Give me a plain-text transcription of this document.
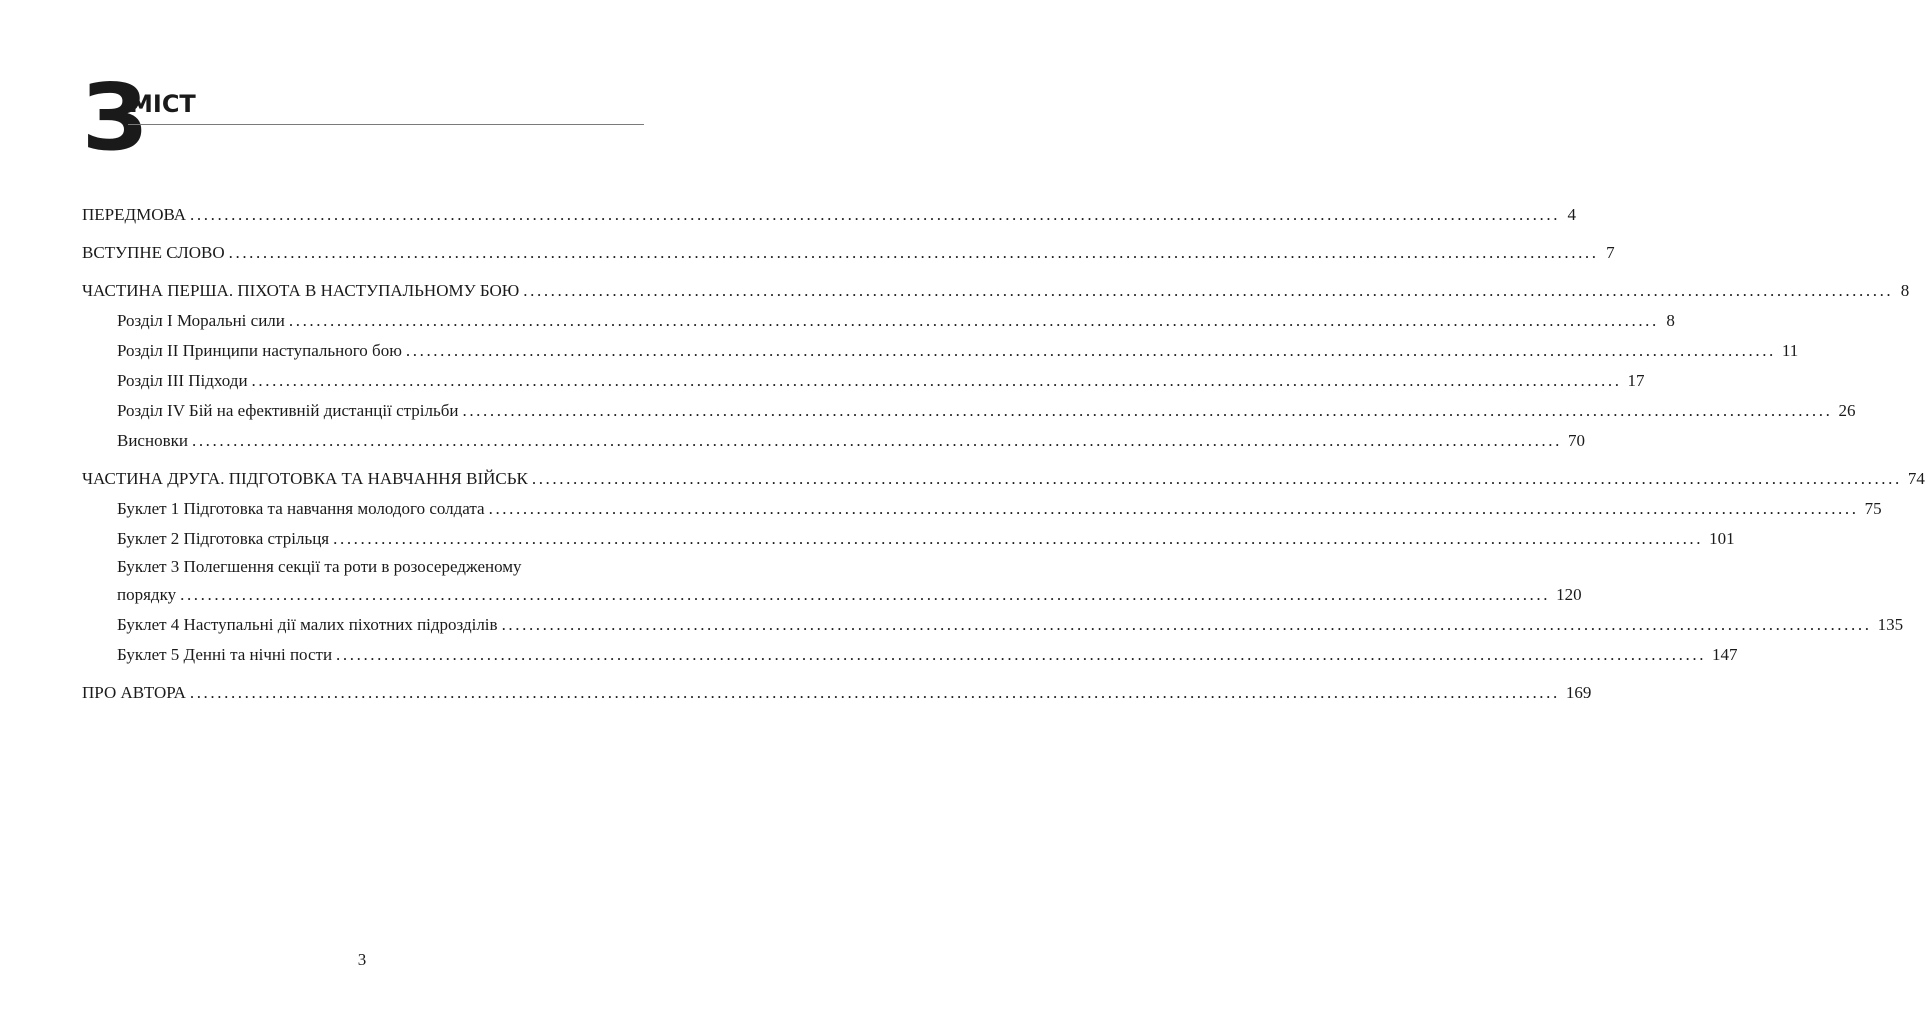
З
МІСТ
ПЕРЕДМОВА ........................................................................................................................................................................................................ 4
ВСТУПНЕ СЛОВО ........................................................................................................................................................................................................ 7
ЧАСТИНА ПЕРША. ПІХОТА В НАСТУПАЛЬНОМУ БОЮ ........................................................................................................................................................................................................ 8
Розділ I Моральні сили ........................................................................................................................................................................................................ 8
Розділ II Принципи наступального бою ........................................................................................................................................................................................................ 11
Розділ III Підходи ........................................................................................................................................................................................................ 17
Розділ IV Бій на ефективній дистанції стрільби ........................................................................................................................................................................................................ 26
Висновки ........................................................................................................................................................................................................ 70
ЧАСТИНА ДРУГА. ПІДГОТОВКА ТА НАВЧАННЯ ВІЙСЬК ........................................................................................................................................................................................................ 74
Буклет 1 Підготовка та навчання молодого солдата ........................................................................................................................................................................................................ 75
Буклет 2 Підготовка стрільця ........................................................................................................................................................................................................ 101
Буклет 3 Полегшення секції та роти в розосередженому
порядку ........................................................................................................................................................................................................ 120
Буклет 4 Наступальні дії малих піхотних підрозділів ........................................................................................................................................................................................................ 135
Буклет 5 Денні та нічні пости ........................................................................................................................................................................................................ 147
ПРО АВТОРА ........................................................................................................................................................................................................ 169
3
